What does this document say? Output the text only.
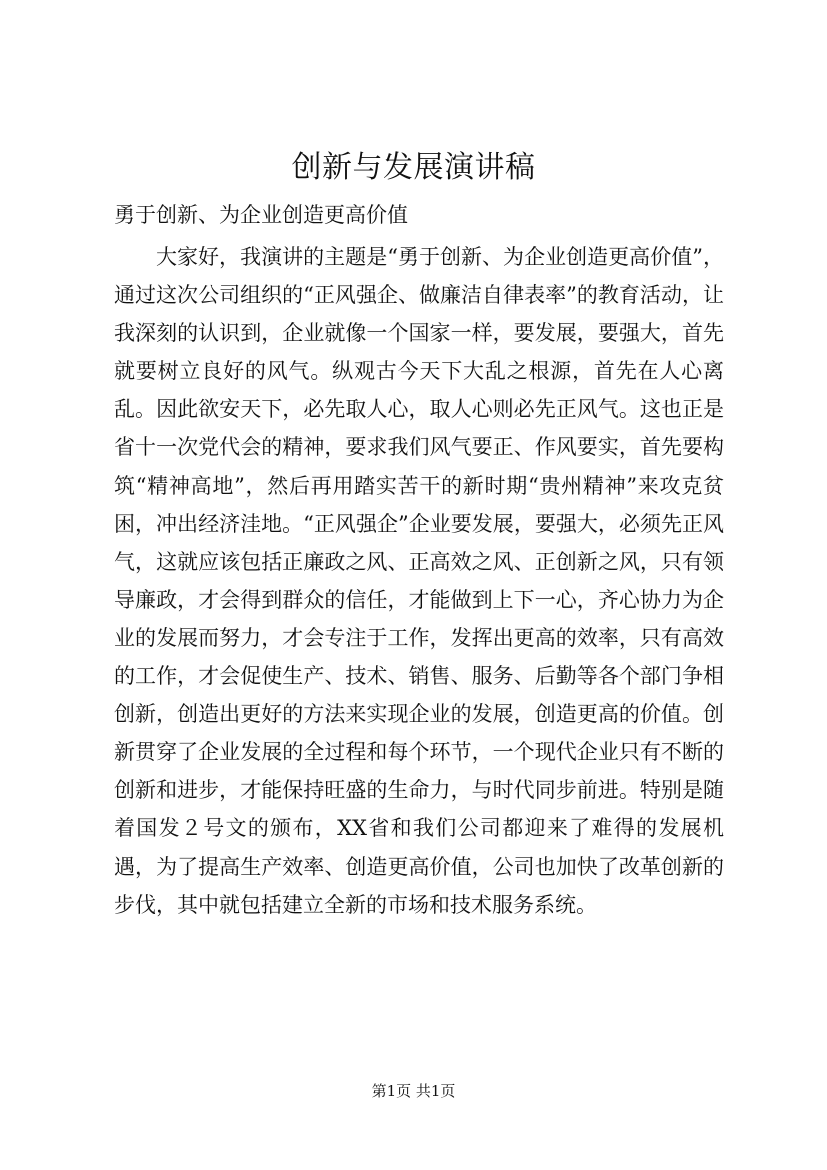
创新与发展演讲稿

勇于创新、为企业创造更高价值

大家好，我演讲的主题是“勇于创新、为企业创造更高价值”，通过这次公司组织的“正风强企、做廉洁自律表率”的教育活动，让我深刻的认识到，企业就像一个国家一样，要发展，要强大，首先就要树立良好的风气。纵观古今天下大乱之根源，首先在人心离乱。因此欲安天下，必先取人心，取人心则必先正风气。这也正是省十一次党代会的精神，要求我们风气要正、作风要实，首先要构筑“精神高地”，然后再用踏实苦干的新时期“贵州精神”来攻克贫困，冲出经济洼地。“正风强企”企业要发展，要强大，必须先正风气，这就应该包括正廉政之风、正高效之风、正创新之风，只有领导廉政，才会得到群众的信任，才能做到上下一心，齐心协力为企业的发展而努力，才会专注于工作，发挥出更高的效率，只有高效的工作，才会促使生产、技术、销售、服务、后勤等各个部门争相创新，创造出更好的方法来实现企业的发展，创造更高的价值。创新贯穿了企业发展的全过程和每个环节，一个现代企业只有不断的创新和进步，才能保持旺盛的生命力，与时代同步前进。特别是随着国发２号文的颁布，XX省和我们公司都迎来了难得的发展机遇，为了提高生产效率、创造更高价值，公司也加快了改革创新的步伐，其中就包括建立全新的市场和技术服务系统。

第1页 共1页
